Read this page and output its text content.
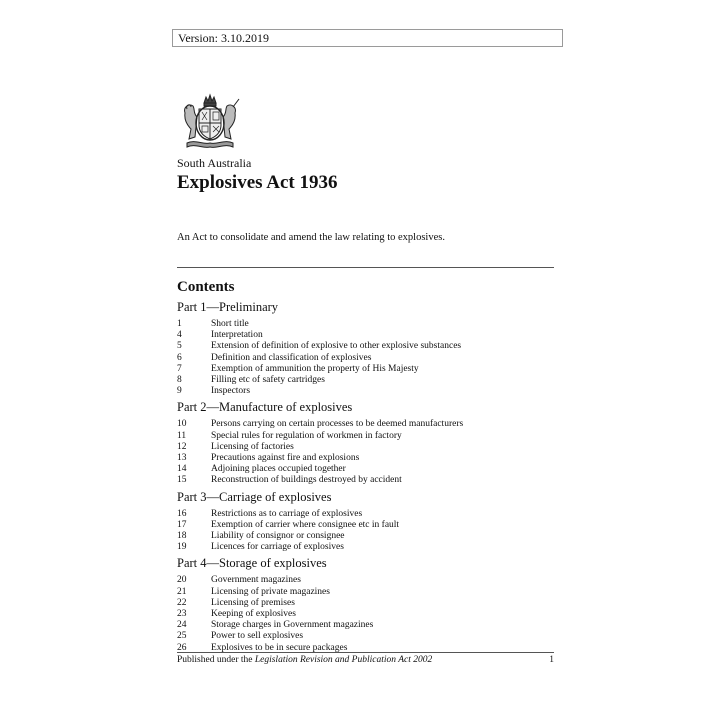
Version: 3.10.2019
South Australia
Explosives Act 1936
An Act to consolidate and amend the law relating to explosives.
Contents
Part 1—Preliminary
1	Short title
4	Interpretation
5	Extension of definition of explosive to other explosive substances
6	Definition and classification of explosives
7	Exemption of ammunition the property of His Majesty
8	Filling etc of safety cartridges
9	Inspectors
Part 2—Manufacture of explosives
10	Persons carrying on certain processes to be deemed manufacturers
11	Special rules for regulation of workmen in factory
12	Licensing of factories
13	Precautions against fire and explosions
14	Adjoining places occupied together
15	Reconstruction of buildings destroyed by accident
Part 3—Carriage of explosives
16	Restrictions as to carriage of explosives
17	Exemption of carrier where consignee etc in fault
18	Liability of consignor or consignee
19	Licences for carriage of explosives
Part 4—Storage of explosives
20	Government magazines
21	Licensing of private magazines
22	Licensing of premises
23	Keeping of explosives
24	Storage charges in Government magazines
25	Power to sell explosives
26	Explosives to be in secure packages
Published under the Legislation Revision and Publication Act 2002	1
